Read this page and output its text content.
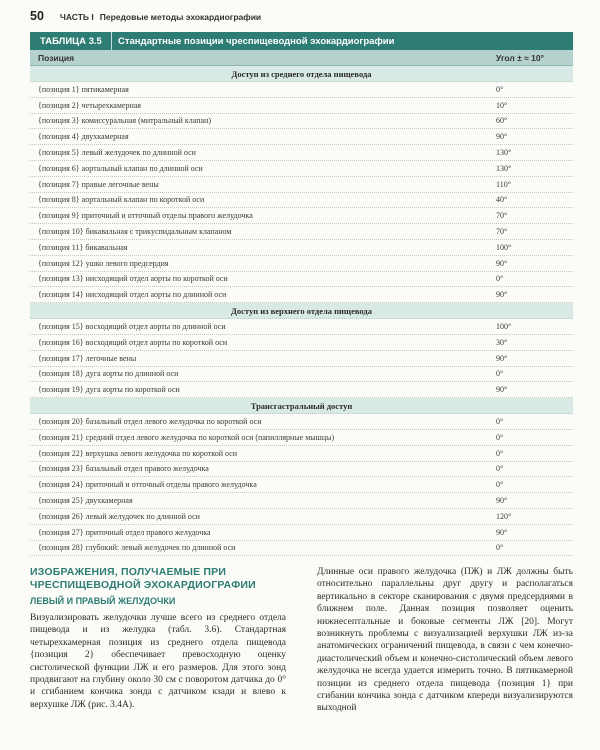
50 ЧАСТЬ I Передовые методы эхокардиографии
ТАБЛИЦА 3.5	Стандартные позиции чреспищеводной эхокардиографии
Позиция	Угол ± ≈ 10°
Доступ из среднего отдела пищевода
{позиция 1} пятикамерная	0°
{позиция 2} четырехкамерная	10°
{позиция 3} комиссуральная (митральный клапан)	60°
{позиция 4} двухкамерная	90°
{позиция 5} левый желудочек по длинной оси	130°
{позиция 6} аортальный клапан по длинной оси	130°
{позиция 7} правые легочные вены	110°
{позиция 8} аортальный клапан по короткой оси	40°
{позиция 9} приточный и отточный отделы правого желудочка	70°
{позиция 10} бикавальная с трикуспидальным клапаном	70°
{позиция 11} бикавальная	100°
{позиция 12} ушко левого предсердия	90°
{позиция 13} нисходящий отдел аорты по короткой оси	0°
{позиция 14} нисходящий отдел аорты по длинной оси	90°
Доступ из верхнего отдела пищевода
{позиция 15} восходящий отдел аорты по длинной оси	100°
{позиция 16} восходящий отдел аорты по короткой оси	30°
{позиция 17} легочные вены	90°
{позиция 18} дуга аорты по длинной оси	0°
{позиция 19} дуга аорты по короткой оси	90°
Трансгастральный доступ
{позиция 20} базальный отдел левого желудочка по короткой оси	0°
{позиция 21} средний отдел левого желудочка по короткой оси (папиллярные мышцы)	0°
{позиция 22} верхушка левого желудочка по короткой оси	0°
{позиция 23} базальный отдел правого желудочка	0°
{позиция 24} приточный и отточный отделы правого желудочка	0°
{позиция 25} двухкамерная	90°
{позиция 26} левый желудочек по длинной оси	120°
{позиция 27} приточный отдел правого желудочка	90°
{позиция 28} глубокий: левый желудочек по длинной оси	0°
ИЗОБРАЖЕНИЯ, ПОЛУЧАЕМЫЕ ПРИ ЧРЕСПИЩЕВОДНОЙ ЭХОКАРДИОГРАФИИ
ЛЕВЫЙ И ПРАВЫЙ ЖЕЛУДОЧКИ
Визуализировать желудочки лучше всего из среднего отдела пищевода и из желудка (табл. 3.6). Стандартная четырехкамерная позиция из среднего отдела пищевода {позиция 2} обеспечивает превосходную оценку систолической функции ЛЖ и его размеров. Для этого зонд продвигают на глубину около 30 см с поворотом датчика до 0° и сгибанием кончика зонда с датчиком кзади и влево к верхушке ЛЖ (рис. 3.4А).
Длинные оси правого желудочка (ПЖ) и ЛЖ должны быть относительно параллельны друг другу и располагаться вертикально в секторе сканирования с двумя предсердиями в ближнем поле. Данная позиция позволяет оценить нижнесептальные и боковые сегменты ЛЖ [20]. Могут возникнуть проблемы с визуализацией верхушки ЛЖ из-за анатомических ограничений пищевода, в связи с чем конечно-диастолический объем и конечно-систолический объем левого желудочка не всегда удается измерить точно. В пятикамерной позиции из среднего отдела пищевода {позиция 1} при сгибании кончика зонда с датчиком кпереди визуализируются выходной
